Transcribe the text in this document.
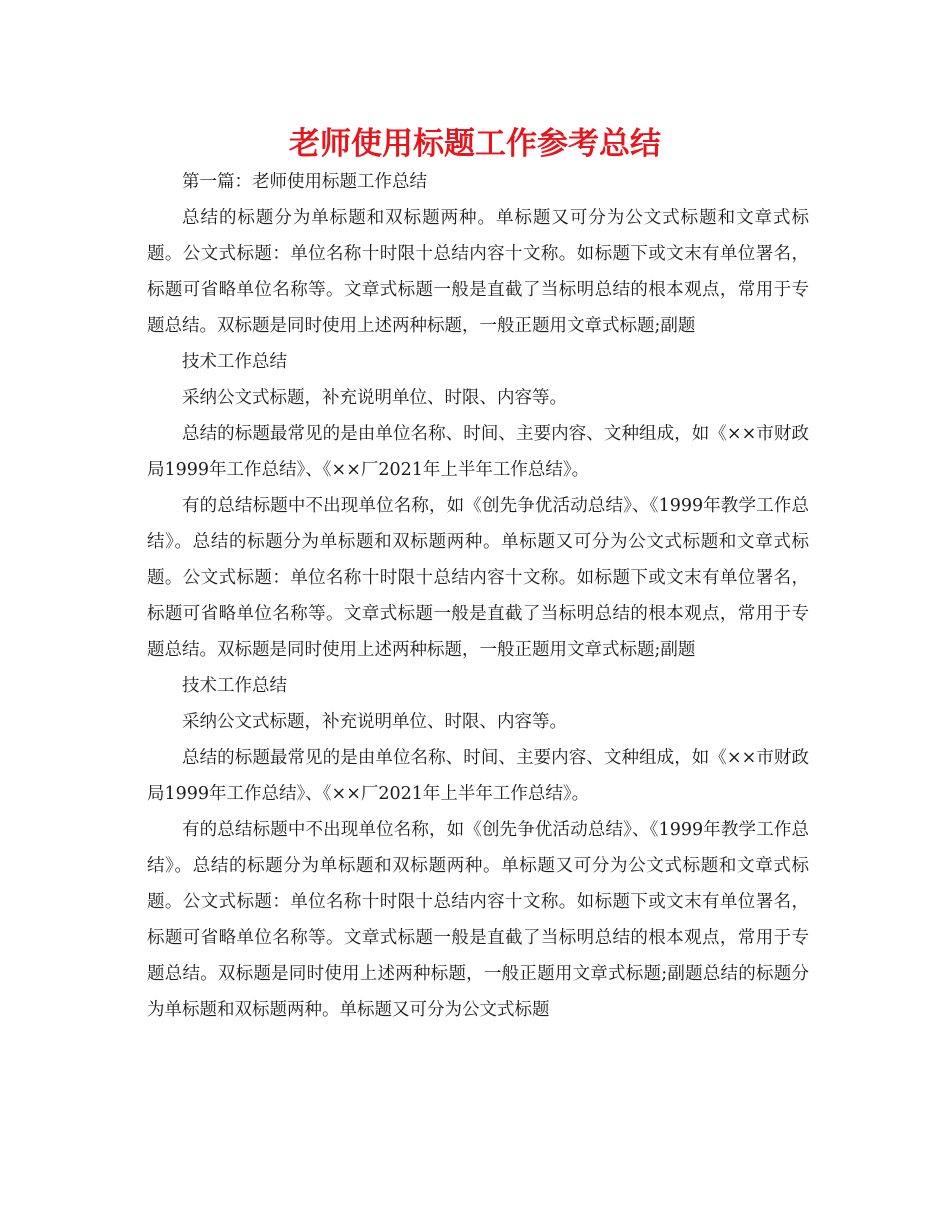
老师使用标题工作参考总结

第一篇：老师使用标题工作总结

总结的标题分为单标题和双标题两种。单标题又可分为公文式标题和文章式标题。公文式标题：单位名称十时限十总结内容十文称。如标题下或文末有单位署名，标题可省略单位名称等。文章式标题一般是直截了当标明总结的根本观点，常用于专题总结。双标题是同时使用上述两种标题，一般正题用文章式标题;副题

技术工作总结

采纳公文式标题，补充说明单位、时限、内容等。

总结的标题最常见的是由单位名称、时间、主要内容、文种组成，如《××市财政局1999年工作总结》、《××厂2021年上半年工作总结》。

有的总结标题中不出现单位名称，如《创先争优活动总结》、《1999年教学工作总结》。总结的标题分为单标题和双标题两种。单标题又可分为公文式标题和文章式标题。公文式标题：单位名称十时限十总结内容十文称。如标题下或文末有单位署名，标题可省略单位名称等。文章式标题一般是直截了当标明总结的根本观点，常用于专题总结。双标题是同时使用上述两种标题，一般正题用文章式标题;副题

技术工作总结

采纳公文式标题，补充说明单位、时限、内容等。

总结的标题最常见的是由单位名称、时间、主要内容、文种组成，如《××市财政局1999年工作总结》、《××厂2021年上半年工作总结》。

有的总结标题中不出现单位名称，如《创先争优活动总结》、《1999年教学工作总结》。总结的标题分为单标题和双标题两种。单标题又可分为公文式标题和文章式标题。公文式标题：单位名称十时限十总结内容十文称。如标题下或文末有单位署名，标题可省略单位名称等。文章式标题一般是直截了当标明总结的根本观点，常用于专题总结。双标题是同时使用上述两种标题，一般正题用文章式标题;副题总结的标题分为单标题和双标题两种。单标题又可分为公文式标题
